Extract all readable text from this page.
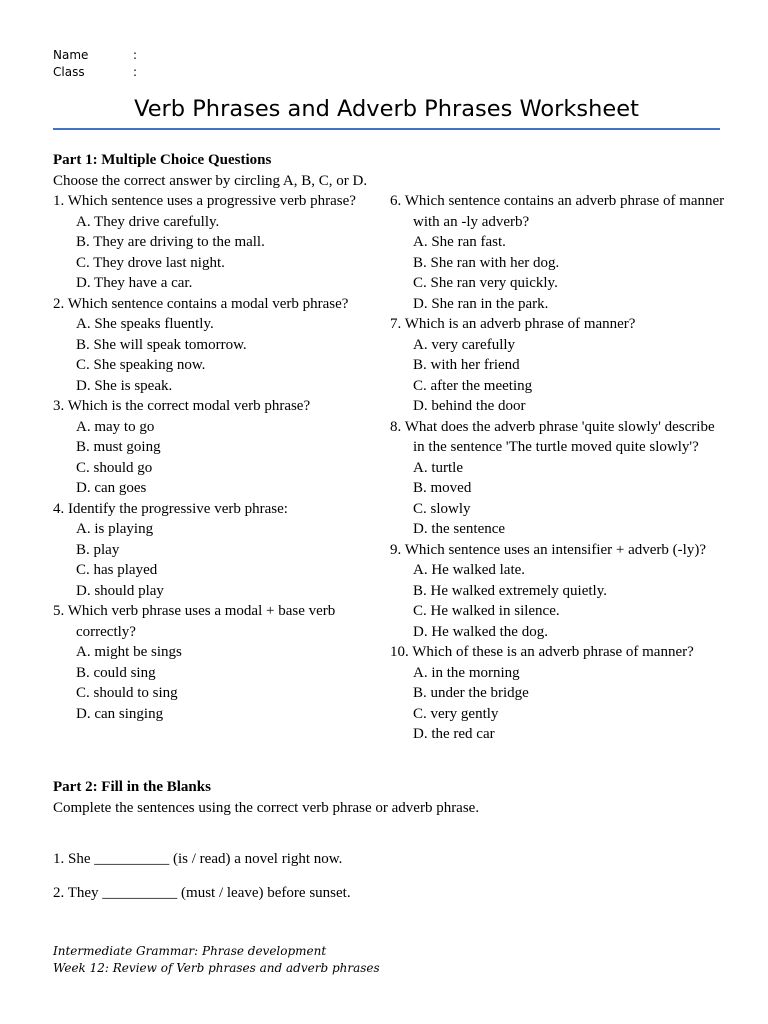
Name	:
Class	:
Verb Phrases and Adverb Phrases Worksheet
Part 1: Multiple Choice Questions
Choose the correct answer by circling A, B, C, or D.
1. Which sentence uses a progressive verb phrase?
A. They drive carefully.
B. They are driving to the mall.
C. They drove last night.
D. They have a car.
2. Which sentence contains a modal verb phrase?
A. She speaks fluently.
B. She will speak tomorrow.
C. She speaking now.
D. She is speak.
3. Which is the correct modal verb phrase?
A. may to go
B. must going
C. should go
D. can goes
4. Identify the progressive verb phrase:
A. is playing
B. play
C. has played
D. should play
5. Which verb phrase uses a modal + base verb correctly?
A. might be sings
B. could sing
C. should to sing
D. can singing
6. Which sentence contains an adverb phrase of manner with an -ly adverb?
A. She ran fast.
B. She ran with her dog.
C. She ran very quickly.
D. She ran in the park.
7. Which is an adverb phrase of manner?
A. very carefully
B. with her friend
C. after the meeting
D. behind the door
8. What does the adverb phrase 'quite slowly' describe in the sentence 'The turtle moved quite slowly'?
A. turtle
B. moved
C. slowly
D. the sentence
9. Which sentence uses an intensifier + adverb (-ly)?
A. He walked late.
B. He walked extremely quietly.
C. He walked in silence.
D. He walked the dog.
10. Which of these is an adverb phrase of manner?
A. in the morning
B. under the bridge
C. very gently
D. the red car
Part 2: Fill in the Blanks
Complete the sentences using the correct verb phrase or adverb phrase.
1. She __________ (is / read) a novel right now.
2. They __________ (must / leave) before sunset.
Intermediate Grammar: Phrase development
Week 12: Review of Verb phrases and adverb phrases
